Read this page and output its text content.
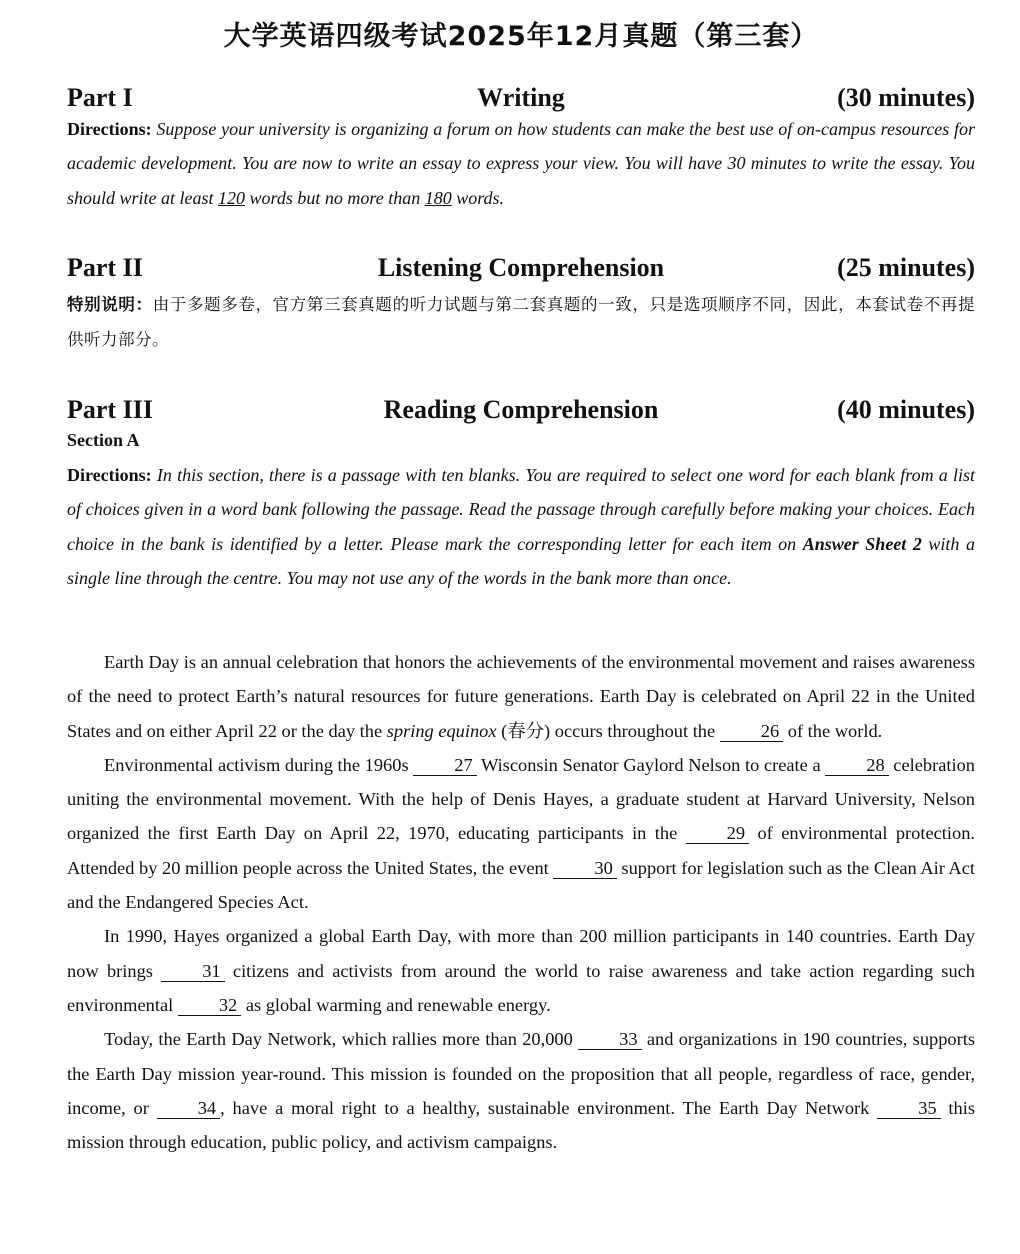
大学英语四级考试2025年12月真题（第三套）
Part I	Writing	(30 minutes)
Directions: Suppose your university is organizing a forum on how students can make the best use of on-campus resources for academic development. You are now to write an essay to express your view. You will have 30 minutes to write the essay. You should write at least 120 words but no more than 180 words.
Part II	Listening Comprehension	(25 minutes)
特别说明：由于多题多卷，官方第三套真题的听力试题与第二套真题的一致，只是选项顺序不同，因此，本套试卷不再提供听力部分。
Part III	Reading Comprehension	(40 minutes)
Section A
Directions: In this section, there is a passage with ten blanks. You are required to select one word for each blank from a list of choices given in a word bank following the passage. Read the passage through carefully before making your choices. Each choice in the bank is identified by a letter. Please mark the corresponding letter for each item on Answer Sheet 2 with a single line through the centre. You may not use any of the words in the bank more than once.

Earth Day is an annual celebration that honors the achievements of the environmental movement and raises awareness of the need to protect Earth’s natural resources for future generations. Earth Day is celebrated on April 22 in the United States and on either April 22 or the day the spring equinox (春分) occurs throughout the 26 of the world.

Environmental activism during the 1960s 27 Wisconsin Senator Gaylord Nelson to create a 28 celebration uniting the environmental movement. With the help of Denis Hayes, a graduate student at Harvard University, Nelson organized the first Earth Day on April 22, 1970, educating participants in the 29 of environmental protection. Attended by 20 million people across the United States, the event 30 support for legislation such as the Clean Air Act and the Endangered Species Act.

In 1990, Hayes organized a global Earth Day, with more than 200 million participants in 140 countries. Earth Day now brings 31 citizens and activists from around the world to raise awareness and take action regarding such environmental 32 as global warming and renewable energy.

Today, the Earth Day Network, which rallies more than 20,000 33 and organizations in 190 countries, supports the Earth Day mission year-round. This mission is founded on the proposition that all people, regardless of race, gender, income, or 34 , have a moral right to a healthy, sustainable environment. The Earth Day Network 35 this mission through education, public policy, and activism campaigns.
